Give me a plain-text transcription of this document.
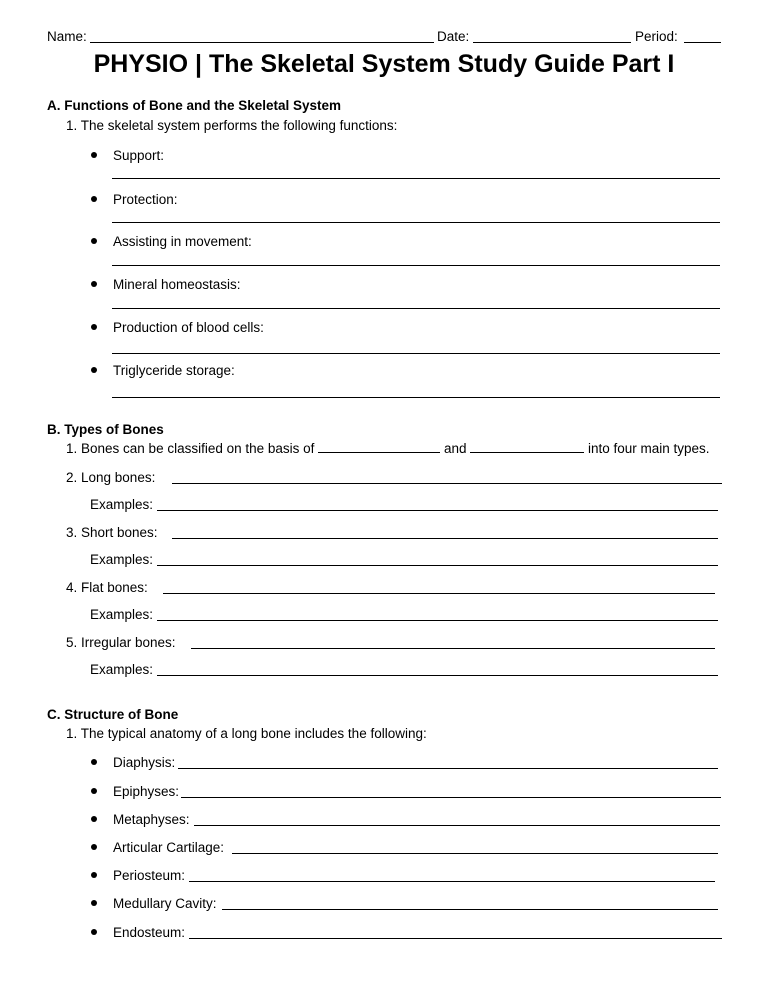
Name:	Date:	Period:
PHYSIO | The Skeletal System Study Guide Part I
A. Functions of Bone and the Skeletal System
1. The skeletal system performs the following functions:
Support:
Protection:
Assisting in movement:
Mineral homeostasis:
Production of blood cells:
Triglyceride storage:
B. Types of Bones
1. Bones can be classified on the basis of	and	into four main types.
2. Long bones:
Examples:
3. Short bones:
Examples:
4. Flat bones:
Examples:
5. Irregular bones:
Examples:
C. Structure of Bone
1. The typical anatomy of a long bone includes the following:
Diaphysis:
Epiphyses:
Metaphyses:
Articular Cartilage:
Periosteum:
Medullary Cavity:
Endosteum:
